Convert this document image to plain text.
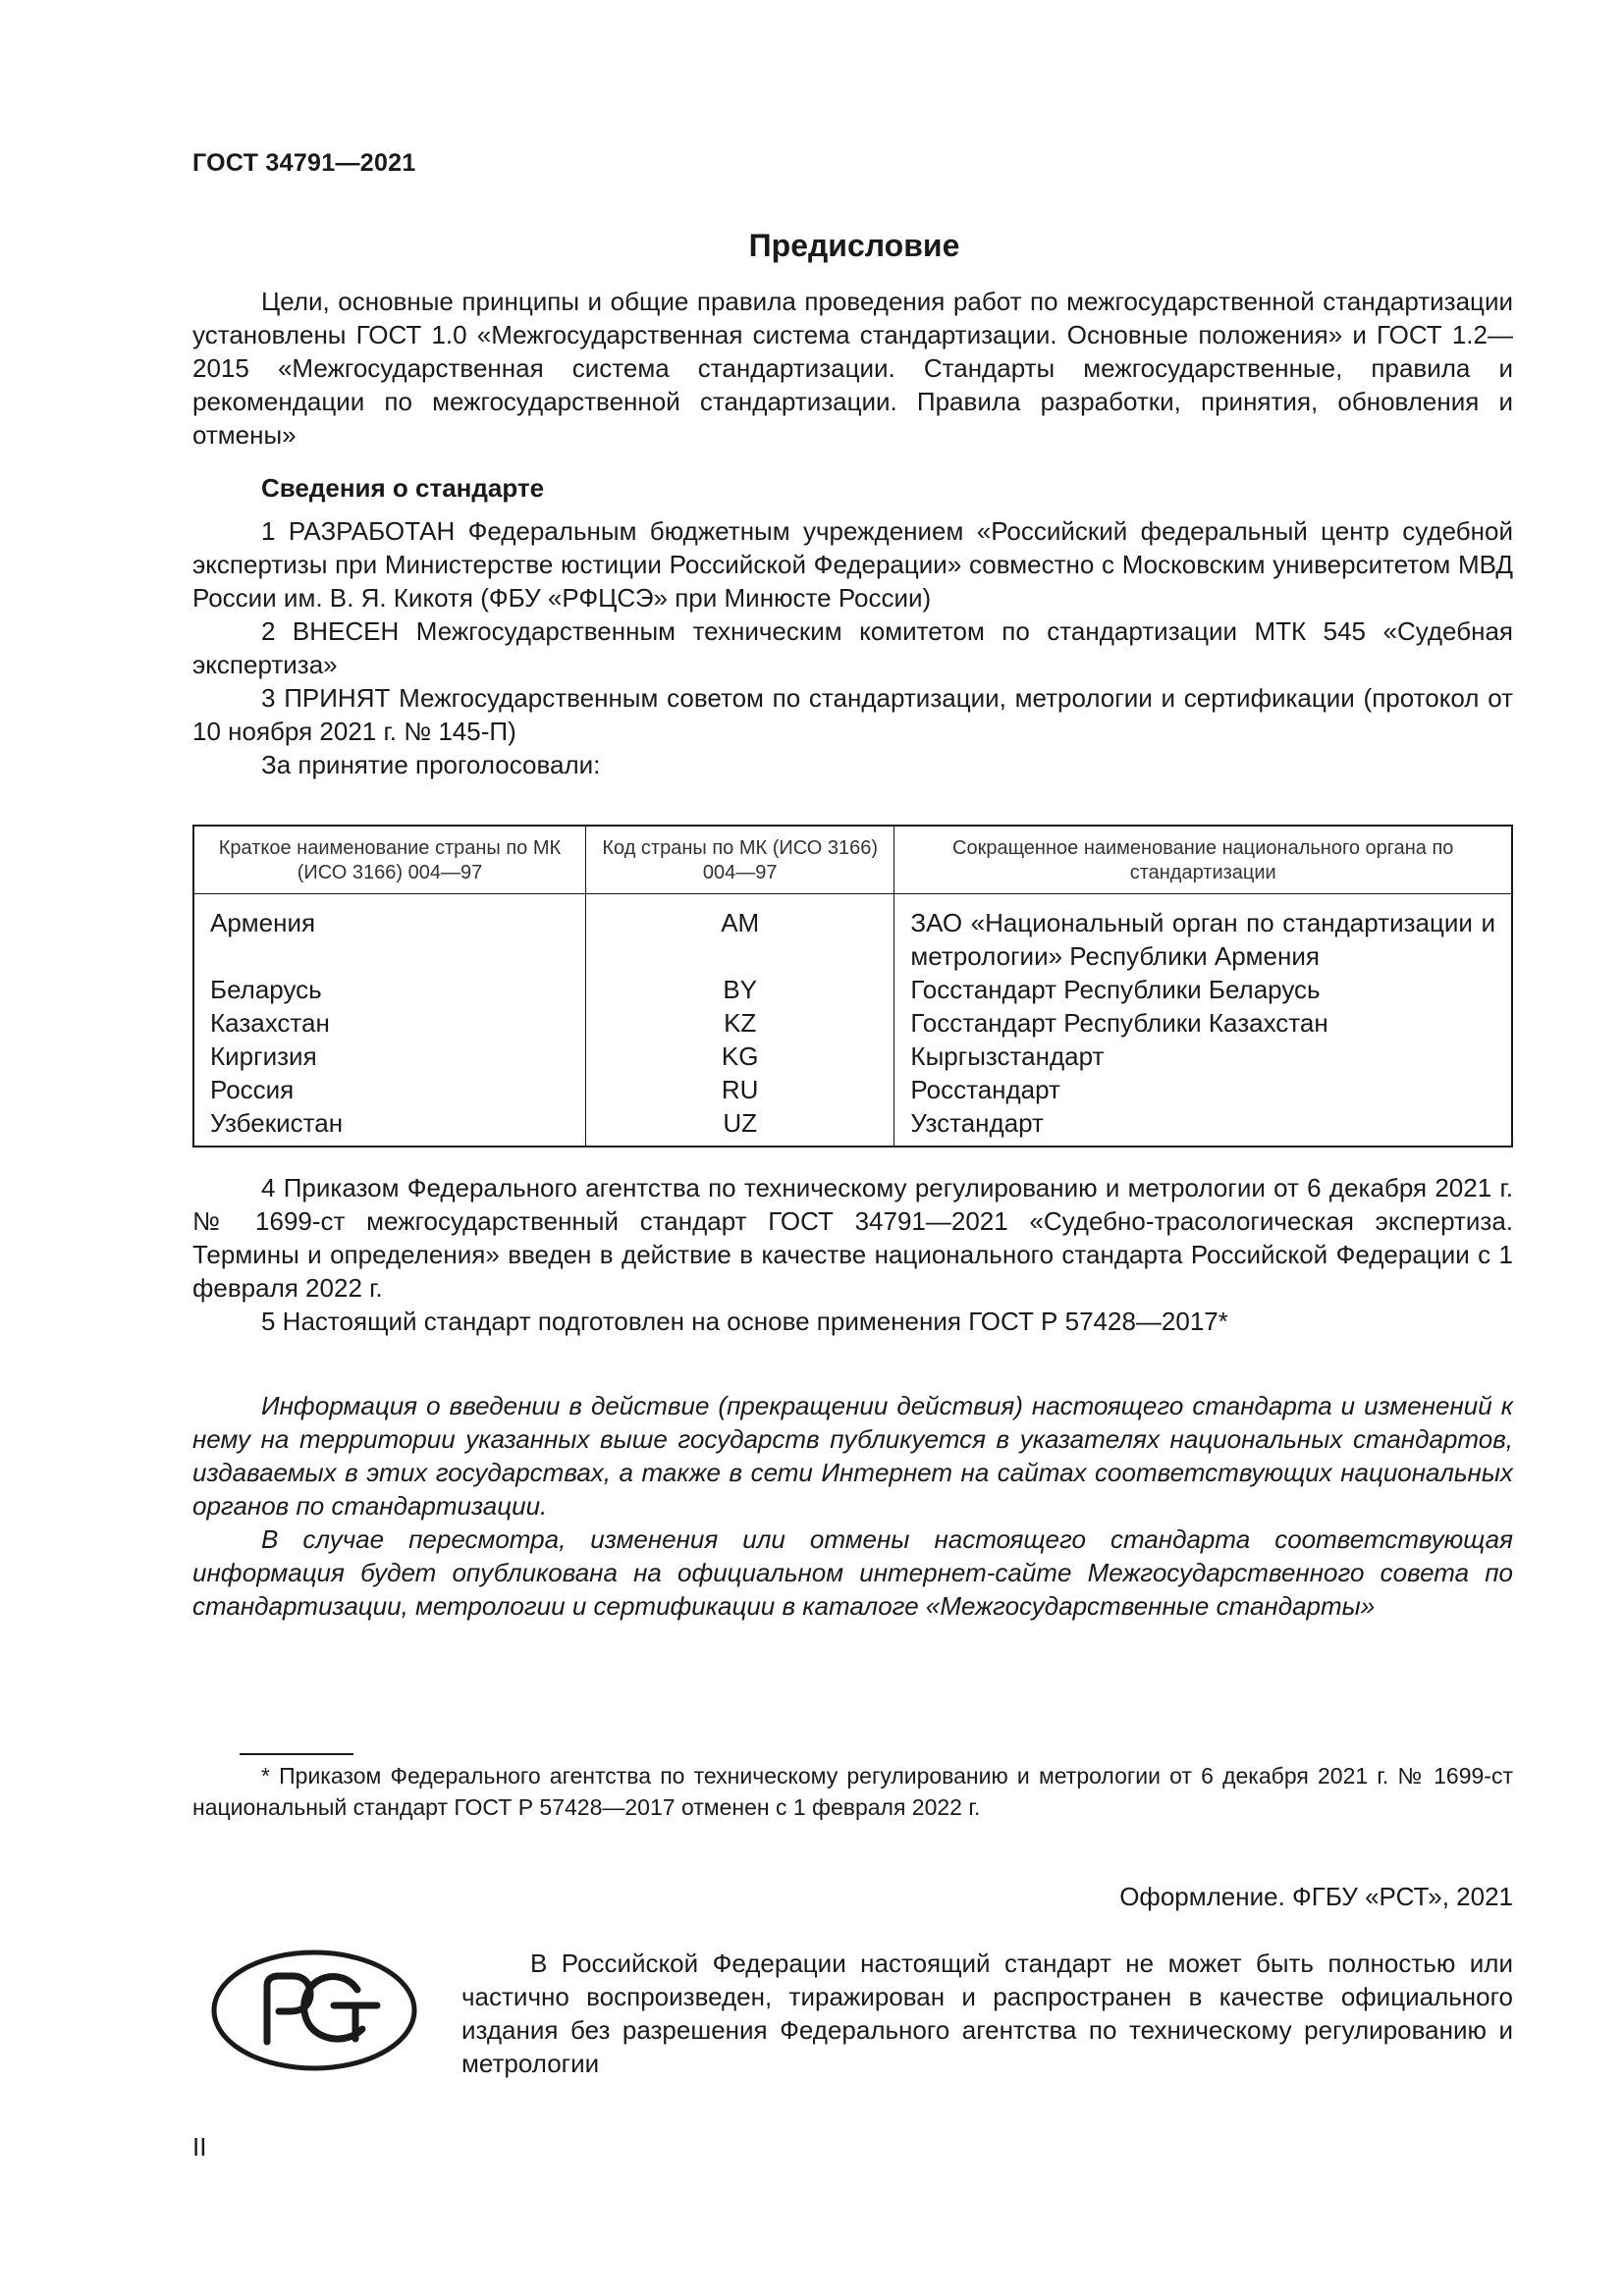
ГОСТ 34791—2021
Предисловие

Цели, основные принципы и общие правила проведения работ по межгосударственной стандартизации установлены ГОСТ 1.0 «Межгосударственная система стандартизации. Основные положения» и ГОСТ 1.2—2015 «Межгосударственная система стандартизации. Стандарты межгосударственные, правила и рекомендации по межгосударственной стандартизации. Правила разработки, принятия, обновления и отмены»

Сведения о стандарте

1 РАЗРАБОТАН Федеральным бюджетным учреждением «Российский федеральный центр судебной экспертизы при Министерстве юстиции Российской Федерации» совместно с Московским университетом МВД России им. В. Я. Кикотя (ФБУ «РФЦСЭ» при Минюсте России)

2 ВНЕСЕН Межгосударственным техническим комитетом по стандартизации МТК 545 «Судебная экспертиза»

3 ПРИНЯТ Межгосударственным советом по стандартизации, метрологии и сертификации (протокол от 10 ноября 2021 г. № 145-П)

За принятие проголосовали:

Краткое наименование страны по МК (ИСО 3166) 004—97	Код страны по МК (ИСО 3166) 004—97	Сокращенное наименование национального органа по стандартизации
Армения	AM	ЗАО «Национальный орган по стандартизации и метрологии» Республики Армения
Беларусь	BY	Госстандарт Республики Беларусь
Казахстан	KZ	Госстандарт Республики Казахстан
Киргизия	KG	Кыргызстандарт
Россия	RU	Росстандарт
Узбекистан	UZ	Узстандарт

4 Приказом Федерального агентства по техническому регулированию и метрологии от 6 декабря 2021 г. № 1699-ст межгосударственный стандарт ГОСТ 34791—2021 «Судебно-трасологическая экспертиза. Термины и определения» введен в действие в качестве национального стандарта Российской Федерации с 1 февраля 2022 г.

5 Настоящий стандарт подготовлен на основе применения ГОСТ Р 57428—2017*

Информация о введении в действие (прекращении действия) настоящего стандарта и изменений к нему на территории указанных выше государств публикуется в указателях национальных стандартов, издаваемых в этих государствах, а также в сети Интернет на сайтах соответствующих национальных органов по стандартизации.

В случае пересмотра, изменения или отмены настоящего стандарта соответствующая информация будет опубликована на официальном интернет-сайте Межгосударственного совета по стандартизации, метрологии и сертификации в каталоге «Межгосударственные стандарты»

* Приказом Федерального агентства по техническому регулированию и метрологии от 6 декабря 2021 г. № 1699-ст национальный стандарт ГОСТ Р 57428—2017 отменен с 1 февраля 2022 г.

Оформление. ФГБУ «РСТ», 2021

В Российской Федерации настоящий стандарт не может быть полностью или частично воспроизведен, тиражирован и распространен в качестве официального издания без разрешения Федерального агентства по техническому регулированию и метрологии

II
